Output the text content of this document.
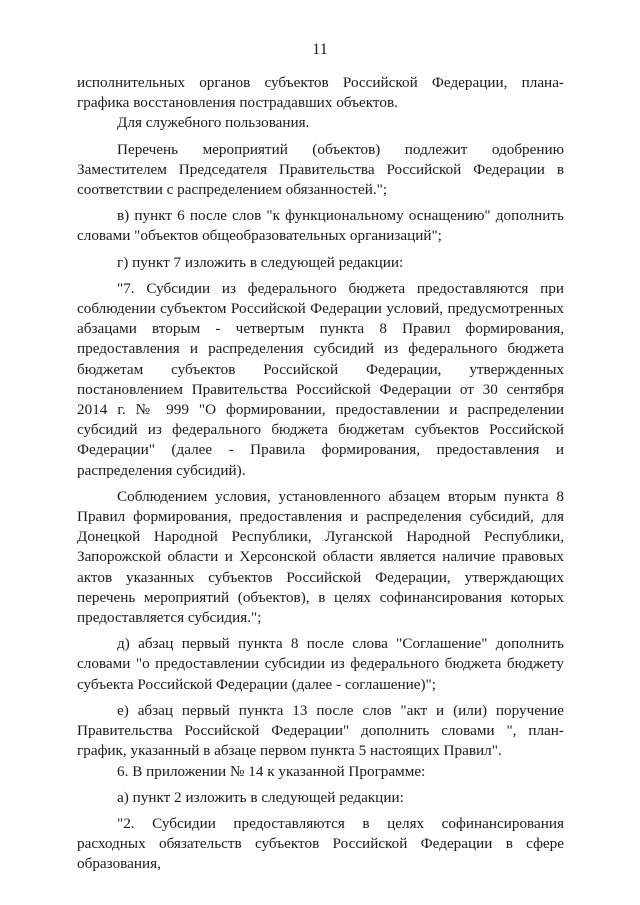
11

исполнительных органов субъектов Российской Федерации, плана-графика восстановления пострадавших объектов.

Для служебного пользования.

Перечень мероприятий (объектов) подлежит одобрению Заместителем Председателя Правительства Российской Федерации в соответствии с распределением обязанностей.";

в) пункт 6 после слов "к функциональному оснащению" дополнить словами "объектов общеобразовательных организаций";

г) пункт 7 изложить в следующей редакции:

"7. Субсидии из федерального бюджета предоставляются при соблюдении субъектом Российской Федерации условий, предусмотренных абзацами вторым - четвертым пункта 8 Правил формирования, предоставления и распределения субсидий из федерального бюджета бюджетам субъектов Российской Федерации, утвержденных постановлением Правительства Российской Федерации от 30 сентября 2014 г. № 999 "О формировании, предоставлении и распределении субсидий из федерального бюджета бюджетам субъектов Российской Федерации" (далее - Правила формирования, предоставления и распределения субсидий).

Соблюдением условия, установленного абзацем вторым пункта 8 Правил формирования, предоставления и распределения субсидий, для Донецкой Народной Республики, Луганской Народной Республики, Запорожской области и Херсонской области является наличие правовых актов указанных субъектов Российской Федерации, утверждающих перечень мероприятий (объектов), в целях софинансирования которых предоставляется субсидия.";

д) абзац первый пункта 8 после слова "Соглашение" дополнить словами "о предоставлении субсидии из федерального бюджета бюджету субъекта Российской Федерации (далее - соглашение)";

е) абзац первый пункта 13 после слов "акт и (или) поручение Правительства Российской Федерации" дополнить словами ", план-график, указанный в абзаце первом пункта 5 настоящих Правил".

6. В приложении № 14 к указанной Программе:

а) пункт 2 изложить в следующей редакции:

"2. Субсидии предоставляются в целях софинансирования расходных обязательств субъектов Российской Федерации в сфере образования,
